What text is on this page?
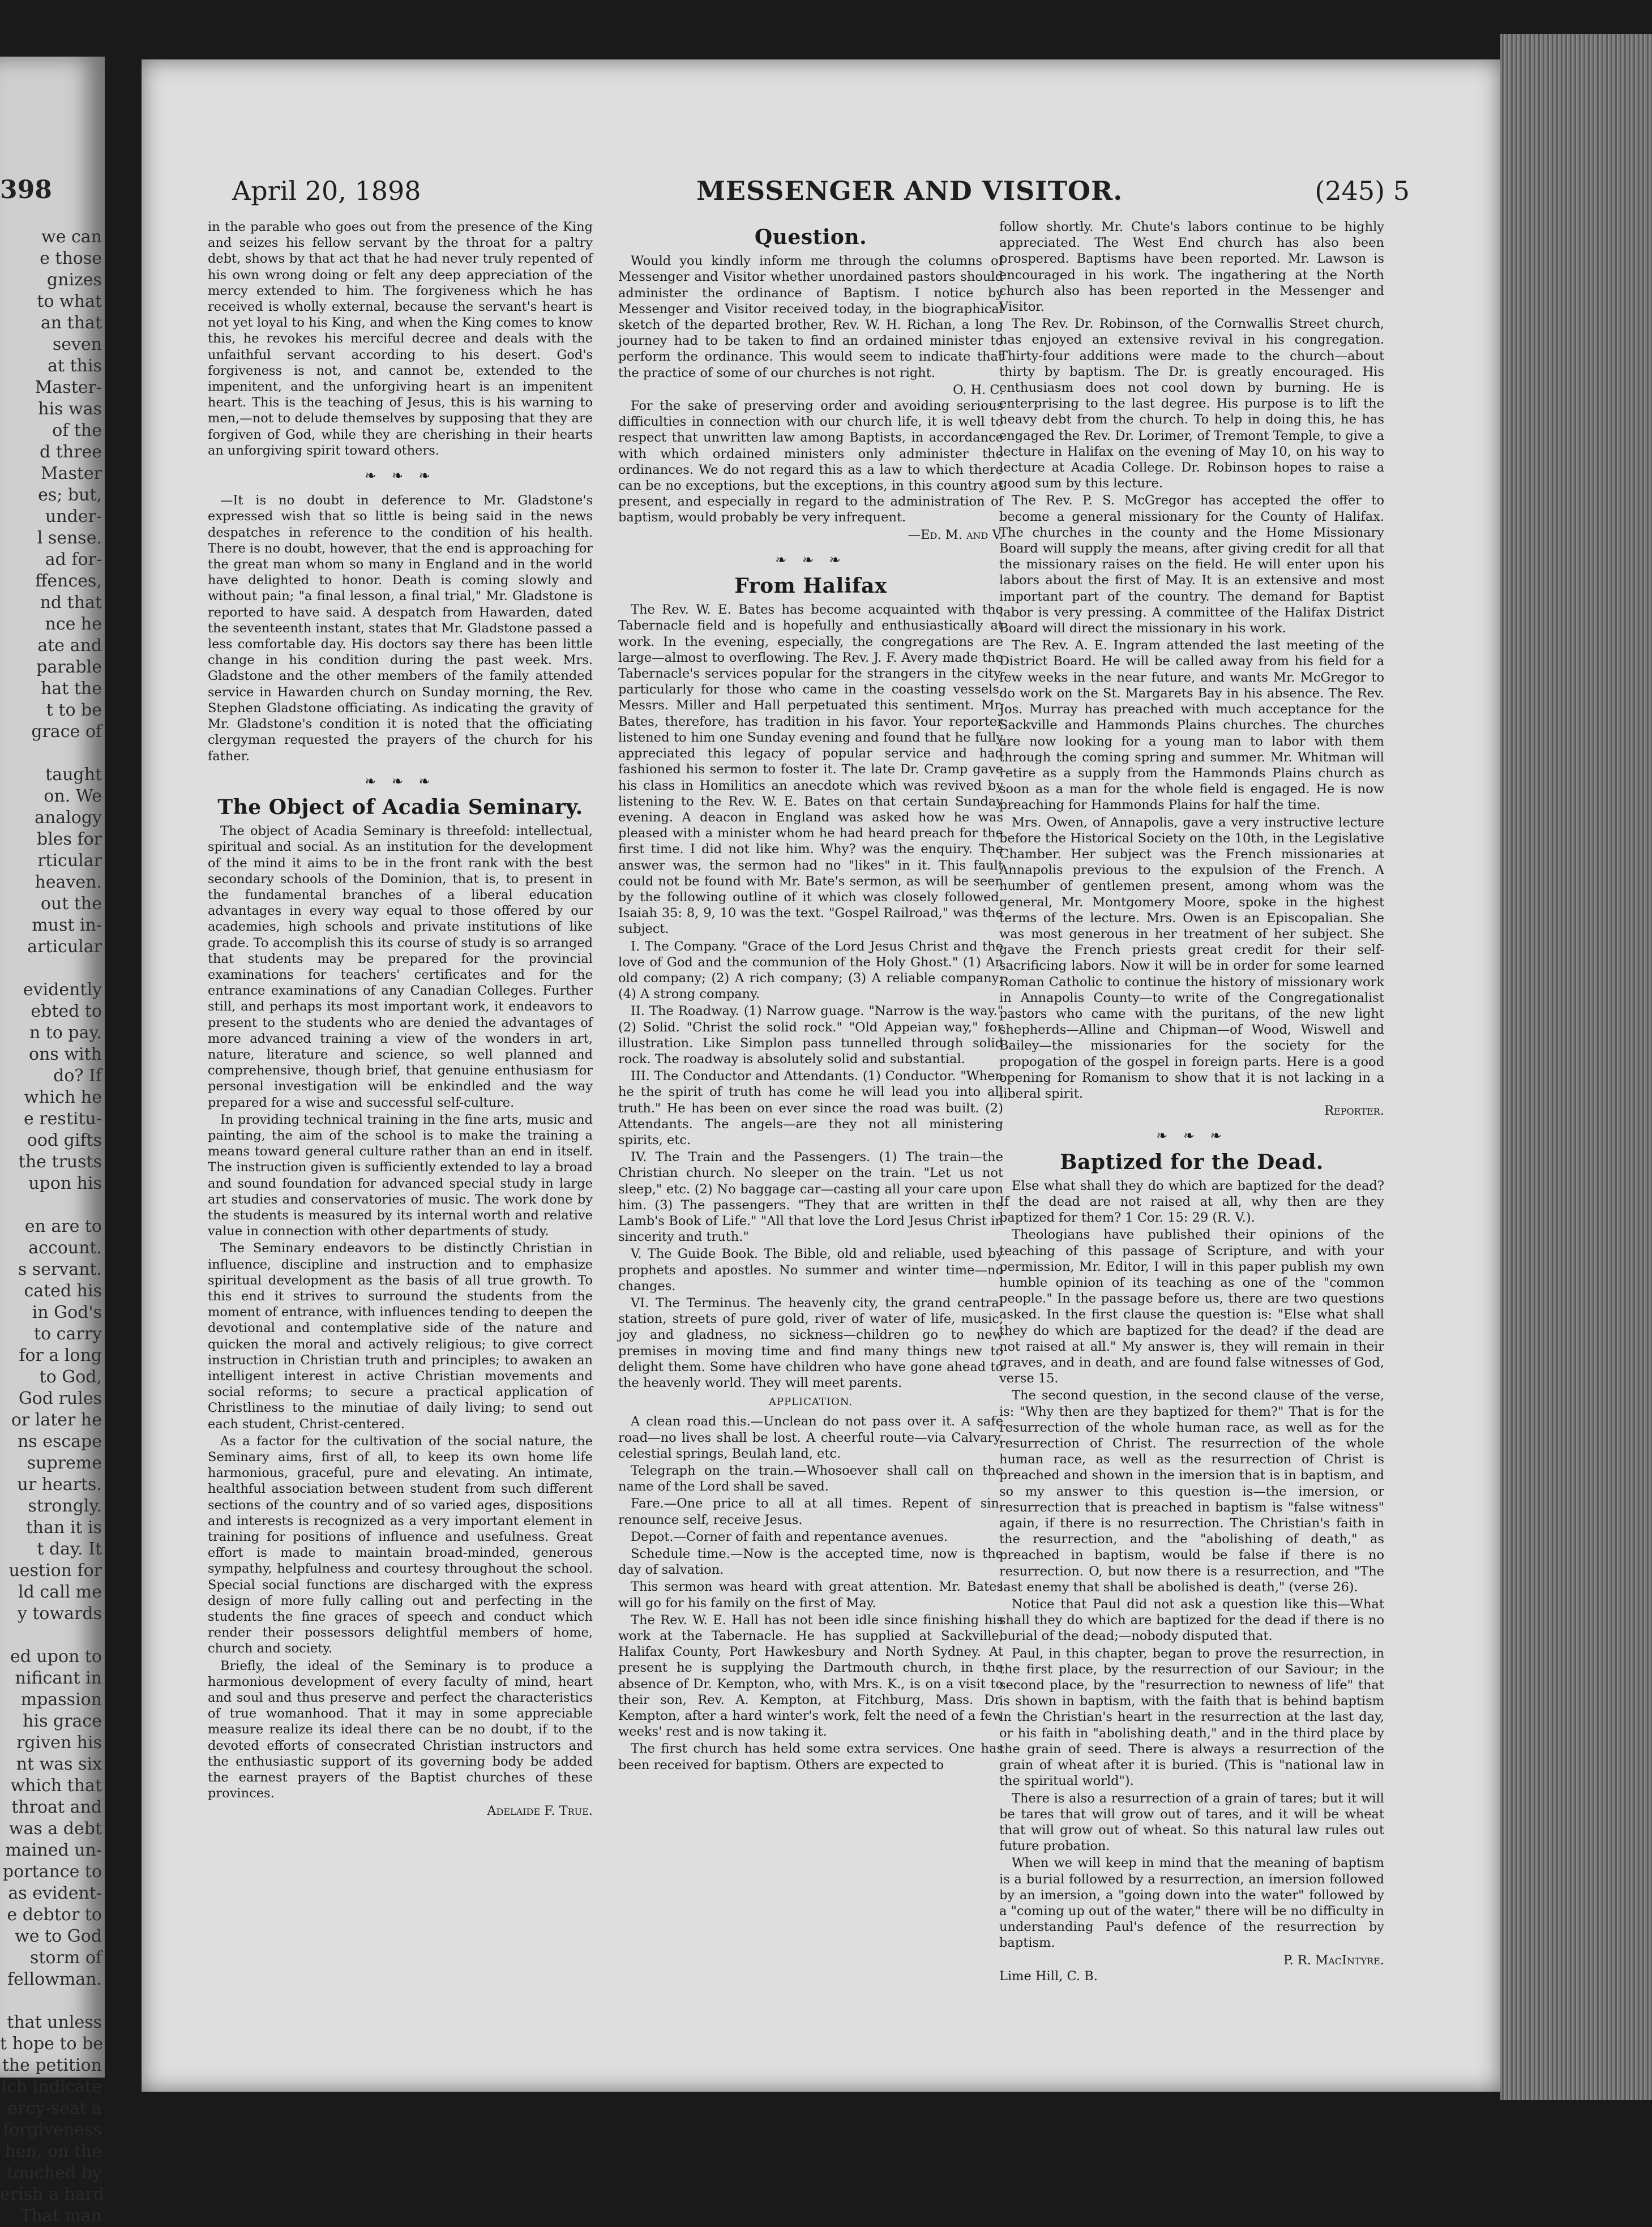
398
we can
e those
gnizes
to what
an that
seven
at this
Master-
his was
of the
d three
Master
es; but,
under-
l sense.
ad for-
ffences,
nd that
nce he
ate and
parable
hat the
t to be
grace of

taught
on. We
analogy
bles for
rticular
heaven.
out the
must in-
articular

evidently
ebted to
n to pay.
ons with
do? If
which he
e restitu-
ood gifts
the trusts
upon his

en are to
account.
s servant.
cated his
in God's
to carry
for a long
to God,
God rules
or later he
ns escape
supreme
ur hearts.
strongly.
than it is
t day. It
uestion for
ld call me
y towards

ed upon to
nificant in
mpassion
his grace
rgiven his
nt was six
which that
throat and
was a debt
mained un-
portance to
as evident-
e debtor to
we to God
storm of
fellowman.

that unless
t hope to be
the petition
ich indicate
ercy-seat a
forgiveness
hen, on the
touched by
erish a hard
That man
April 20, 1898	MESSENGER AND VISITOR.	(245) 5

in the parable who goes out from the presence of the King and seizes his fellow servant by the throat for a paltry debt, shows by that act that he had never truly repented of his own wrong doing or felt any deep appreciation of the mercy extended to him. The forgiveness which he has received is wholly external, because the servant's heart is not yet loyal to his King, and when the King comes to know this, he revokes his merciful decree and deals with the unfaithful servant according to his desert. God's forgiveness is not, and cannot be, extended to the impenitent, and the unforgiving heart is an impenitent heart. This is the teaching of Jesus, this is his warning to men,—not to delude themselves by supposing that they are forgiven of God, while they are cherishing in their hearts an unforgiving spirit toward others.

❧ ❧ ❧

—It is no doubt in deference to Mr. Gladstone's expressed wish that so little is being said in the news despatches in reference to the condition of his health. There is no doubt, however, that the end is approaching for the great man whom so many in England and in the world have delighted to honor. Death is coming slowly and without pain; "a final lesson, a final trial," Mr. Gladstone is reported to have said. A despatch from Hawarden, dated the seventeenth instant, states that Mr. Gladstone passed a less comfortable day. His doctors say there has been little change in his condition during the past week. Mrs. Gladstone and the other members of the family attended service in Hawarden church on Sunday morning, the Rev. Stephen Gladstone officiating. As indicating the gravity of Mr. Gladstone's condition it is noted that the officiating clergyman requested the prayers of the church for his father.

❧ ❧ ❧
The Object of Acadia Seminary.

The object of Acadia Seminary is threefold: intellectual, spiritual and social. As an institution for the development of the mind it aims to be in the front rank with the best secondary schools of the Dominion, that is, to present in the fundamental branches of a liberal education advantages in every way equal to those offered by our academies, high schools and private institutions of like grade. To accomplish this its course of study is so arranged that students may be prepared for the provincial examinations for teachers' certificates and for the entrance examinations of any Canadian Colleges. Further still, and perhaps its most important work, it endeavors to present to the students who are denied the advantages of more advanced training a view of the wonders in art, nature, literature and science, so well planned and comprehensive, though brief, that genuine enthusiasm for personal investigation will be enkindled and the way prepared for a wise and successful self-culture.

In providing technical training in the fine arts, music and painting, the aim of the school is to make the training a means toward general culture rather than an end in itself. The instruction given is sufficiently extended to lay a broad and sound foundation for advanced special study in large art studies and conservatories of music. The work done by the students is measured by its internal worth and relative value in connection with other departments of study.

The Seminary endeavors to be distinctly Christian in influence, discipline and instruction and to emphasize spiritual development as the basis of all true growth. To this end it strives to surround the students from the moment of entrance, with influences tending to deepen the devotional and contemplative side of the nature and quicken the moral and actively religious; to give correct instruction in Christian truth and principles; to awaken an intelligent interest in active Christian movements and social reforms; to secure a practical application of Christliness to the minutiae of daily living; to send out each student, Christ-centered.

As a factor for the cultivation of the social nature, the Seminary aims, first of all, to keep its own home life harmonious, graceful, pure and elevating. An intimate, healthful association between student from such different sections of the country and of so varied ages, dispositions and interests is recognized as a very important element in training for positions of influence and usefulness. Great effort is made to maintain broad-minded, generous sympathy, helpfulness and courtesy throughout the school. Special social functions are discharged with the express design of more fully calling out and perfecting in the students the fine graces of speech and conduct which render their possessors delightful members of home, church and society.

Briefly, the ideal of the Seminary is to produce a harmonious development of every faculty of mind, heart and soul and thus preserve and perfect the characteristics of true womanhood. That it may in some appreciable measure realize its ideal there can be no doubt, if to the devoted efforts of consecrated Christian instructors and the enthusiastic support of its governing body be added the earnest prayers of the Baptist churches of these provinces.

Adelaide F. True.
Question.

Would you kindly inform me through the columns of Messenger and Visitor whether unordained pastors should administer the ordinance of Baptism. I notice by Messenger and Visitor received today, in the biographical sketch of the departed brother, Rev. W. H. Richan, a long journey had to be taken to find an ordained minister to perform the ordinance. This would seem to indicate that the practice of some of our churches is not right.

O. H. C.

For the sake of preserving order and avoiding serious difficulties in connection with our church life, it is well to respect that unwritten law among Baptists, in accordance with which ordained ministers only administer the ordinances. We do not regard this as a law to which there can be no exceptions, but the exceptions, in this country at present, and especially in regard to the administration of baptism, would probably be very infrequent.

—Ed. M. and V.
❧ ❧ ❧
From Halifax

The Rev. W. E. Bates has become acquainted with the Tabernacle field and is hopefully and enthusiastically at work. In the evening, especially, the congregations are large—almost to overflowing. The Rev. J. F. Avery made the Tabernacle's services popular for the strangers in the city, particularly for those who came in the coasting vessels. Messrs. Miller and Hall perpetuated this sentiment. Mr. Bates, therefore, has tradition in his favor. Your reporter listened to him one Sunday evening and found that he fully appreciated this legacy of popular service and had fashioned his sermon to foster it. The late Dr. Cramp gave his class in Homilitics an anecdote which was revived by listening to the Rev. W. E. Bates on that certain Sunday evening. A deacon in England was asked how he was pleased with a minister whom he had heard preach for the first time. I did not like him. Why? was the enquiry. The answer was, the sermon had no "likes" in it. This fault could not be found with Mr. Bate's sermon, as will be seen by the following outline of it which was closely followed. Isaiah 35: 8, 9, 10 was the text. "Gospel Railroad," was the subject.

I. The Company. "Grace of the Lord Jesus Christ and the love of God and the communion of the Holy Ghost." (1) An old company; (2) A rich company; (3) A reliable company; (4) A strong company.

II. The Roadway. (1) Narrow guage. "Narrow is the way." (2) Solid. "Christ the solid rock." "Old Appeian way," for illustration. Like Simplon pass tunnelled through solid rock. The roadway is absolutely solid and substantial.

III. The Conductor and Attendants. (1) Conductor. "When he the spirit of truth has come he will lead you into all truth." He has been on ever since the road was built. (2) Attendants. The angels—are they not all ministering spirits, etc.

IV. The Train and the Passengers. (1) The train—the Christian church. No sleeper on the train. "Let us not sleep," etc. (2) No baggage car—casting all your care upon him. (3) The passengers. "They that are written in the Lamb's Book of Life." "All that love the Lord Jesus Christ in sincerity and truth."

V. The Guide Book. The Bible, old and reliable, used by prophets and apostles. No summer and winter time—no changes.

VI. The Terminus. The heavenly city, the grand central station, streets of pure gold, river of water of life, music, joy and gladness, no sickness—children go to new premises in moving time and find many things new to delight them. Some have children who have gone ahead to the heavenly world. They will meet parents.

APPLICATION.

A clean road this.—Unclean do not pass over it. A safe road—no lives shall be lost. A cheerful route—via Calvary, celestial springs, Beulah land, etc.

Telegraph on the train.—Whosoever shall call on the name of the Lord shall be saved.

Fare.—One price to all at all times. Repent of sin, renounce self, receive Jesus.

Depot.—Corner of faith and repentance avenues.

Schedule time.—Now is the accepted time, now is the day of salvation.

This sermon was heard with great attention. Mr. Bates will go for his family on the first of May.

The Rev. W. E. Hall has not been idle since finishing his work at the Tabernacle. He has supplied at Sackville, Halifax County, Port Hawkesbury and North Sydney. At present he is supplying the Dartmouth church, in the absence of Dr. Kempton, who, with Mrs. K., is on a visit to their son, Rev. A. Kempton, at Fitchburg, Mass. Dr. Kempton, after a hard winter's work, felt the need of a few weeks' rest and is now taking it.

The first church has held some extra services. One has been received for baptism. Others are expected to

follow shortly. Mr. Chute's labors continue to be highly appreciated. The West End church has also been prospered. Baptisms have been reported. Mr. Lawson is encouraged in his work. The ingathering at the North church also has been reported in the Messenger and Visitor.

The Rev. Dr. Robinson, of the Cornwallis Street church, has enjoyed an extensive revival in his congregation. Thirty-four additions were made to the church—about thirty by baptism. The Dr. is greatly encouraged. His enthusiasm does not cool down by burning. He is enterprising to the last degree. His purpose is to lift the heavy debt from the church. To help in doing this, he has engaged the Rev. Dr. Lorimer, of Tremont Temple, to give a lecture in Halifax on the evening of May 10, on his way to lecture at Acadia College. Dr. Robinson hopes to raise a good sum by this lecture.

The Rev. P. S. McGregor has accepted the offer to become a general missionary for the County of Halifax. The churches in the county and the Home Missionary Board will supply the means, after giving credit for all that the missionary raises on the field. He will enter upon his labors about the first of May. It is an extensive and most important part of the country. The demand for Baptist labor is very pressing. A committee of the Halifax District Board will direct the missionary in his work.

The Rev. A. E. Ingram attended the last meeting of the District Board. He will be called away from his field for a few weeks in the near future, and wants Mr. McGregor to do work on the St. Margarets Bay in his absence. The Rev. Jos. Murray has preached with much acceptance for the Sackville and Hammonds Plains churches. The churches are now looking for a young man to labor with them through the coming spring and summer. Mr. Whitman will retire as a supply from the Hammonds Plains church as soon as a man for the whole field is engaged. He is now preaching for Hammonds Plains for half the time.

Mrs. Owen, of Annapolis, gave a very instructive lecture before the Historical Society on the 10th, in the Legislative Chamber. Her subject was the French missionaries at Annapolis previous to the expulsion of the French. A number of gentlemen present, among whom was the general, Mr. Montgomery Moore, spoke in the highest terms of the lecture. Mrs. Owen is an Episcopalian. She was most generous in her treatment of her subject. She gave the French priests great credit for their self-sacrificing labors. Now it will be in order for some learned Roman Catholic to continue the history of missionary work in Annapolis County—to write of the Congregationalist pastors who came with the puritans, of the new light shepherds—Alline and Chipman—of Wood, Wiswell and Bailey—the missionaries for the society for the propogation of the gospel in foreign parts. Here is a good opening for Romanism to show that it is not lacking in a liberal spirit.

Reporter.
❧ ❧ ❧
Baptized for the Dead.

Else what shall they do which are baptized for the dead? If the dead are not raised at all, why then are they baptized for them? 1 Cor. 15: 29 (R. V.).

Theologians have published their opinions of the teaching of this passage of Scripture, and with your permission, Mr. Editor, I will in this paper publish my own humble opinion of its teaching as one of the "common people." In the passage before us, there are two questions asked. In the first clause the question is: "Else what shall they do which are baptized for the dead? if the dead are not raised at all." My answer is, they will remain in their graves, and in death, and are found false witnesses of God, verse 15.

The second question, in the second clause of the verse, is: "Why then are they baptized for them?" That is for the resurrection of the whole human race, as well as for the resurrection of Christ. The resurrection of the whole human race, as well as the resurrection of Christ is preached and shown in the imersion that is in baptism, and so my answer to this question is—the imersion, or resurrection that is preached in baptism is "false witness" again, if there is no resurrection. The Christian's faith in the resurrection, and the "abolishing of death," as preached in baptism, would be false if there is no resurrection. O, but now there is a resurrection, and "The last enemy that shall be abolished is death," (verse 26).

Notice that Paul did not ask a question like this—What shall they do which are baptized for the dead if there is no burial of the dead;—nobody disputed that.

Paul, in this chapter, began to prove the resurrection, in the first place, by the resurrection of our Saviour; in the second place, by the "resurrection to newness of life" that is shown in baptism, with the faith that is behind baptism in the Christian's heart in the resurrection at the last day, or his faith in "abolishing death," and in the third place by the grain of seed. There is always a resurrection of the grain of wheat after it is buried. (This is "national law in the spiritual world").

There is also a resurrection of a grain of tares; but it will be tares that will grow out of tares, and it will be wheat that will grow out of wheat. So this natural law rules out future probation.

When we will keep in mind that the meaning of baptism is a burial followed by a resurrection, an imersion followed by an imersion, a "going down into the water" followed by a "coming up out of the water," there will be no difficulty in understanding Paul's defence of the resurrection by baptism.

P. R. MacIntyre.

Lime Hill, C. B.
